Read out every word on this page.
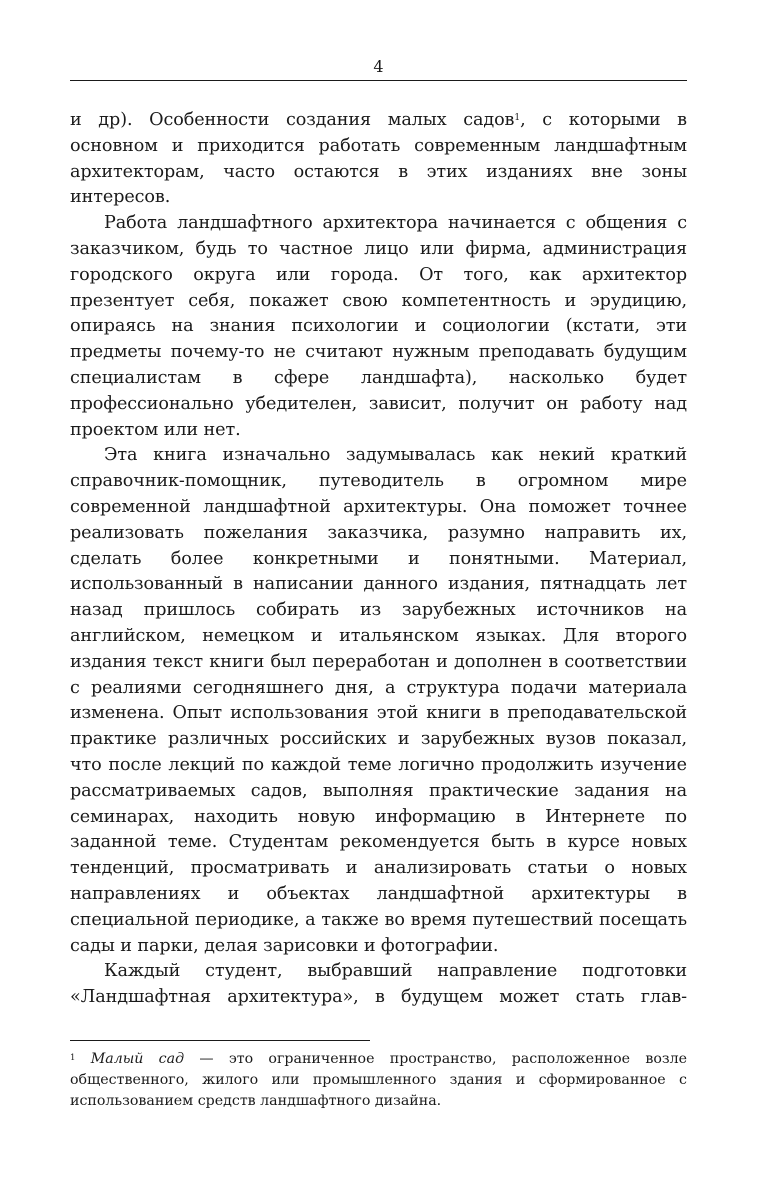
4

и др). Особенности создания малых садов$^1$, с которыми в основном и приходится работать современным ландшафтным архитекторам, часто остаются в этих изданиях вне зоны интересов.

Работа ландшафтного архитектора начинается с общения с заказчиком, будь то частное лицо или фирма, администрация городского округа или города. От того, как архитектор презентует себя, покажет свою компетентность и эрудицию, опираясь на знания психологии и социологии (кстати, эти предметы почему-то не считают нужным преподавать будущим специалистам в сфере ландшафта), насколько будет профессионально убедителен, зависит, получит он работу над проектом или нет.

Эта книга изначально задумывалась как некий краткий справочник-помощник, путеводитель в огромном мире современной ландшафтной архитектуры. Она поможет точнее реализовать пожелания заказчика, разумно направить их, сделать более конкретными и понятными. Материал, использованный в написании данного издания, пятнадцать лет назад пришлось собирать из зарубежных источников на английском, немецком и итальянском языках. Для второго издания текст книги был переработан и дополнен в соответствии с реалиями сегодняшнего дня, а структура подачи материала изменена. Опыт использования этой книги в преподавательской практике различных российских и зарубежных вузов показал, что после лекций по каждой теме логично продолжить изучение рассматриваемых садов, выполняя практические задания на семинарах, находить новую информацию в Интернете по заданной теме. Студентам рекомендуется быть в курсе новых тенденций, просматривать и анализировать статьи о новых направлениях и объектах ландшафтной архитектуры в специальной периодике, а также во время путешествий посещать сады и парки, делая зарисовки и фотографии.

Каждый студент, выбравший направление подготовки «Ландшафтная архитектура», в будущем может стать глав-

$^1$ Малый сад — это ограниченное пространство, расположенное возле общественного, жилого или промышленного здания и сформированное с использованием средств ландшафтного дизайна.
